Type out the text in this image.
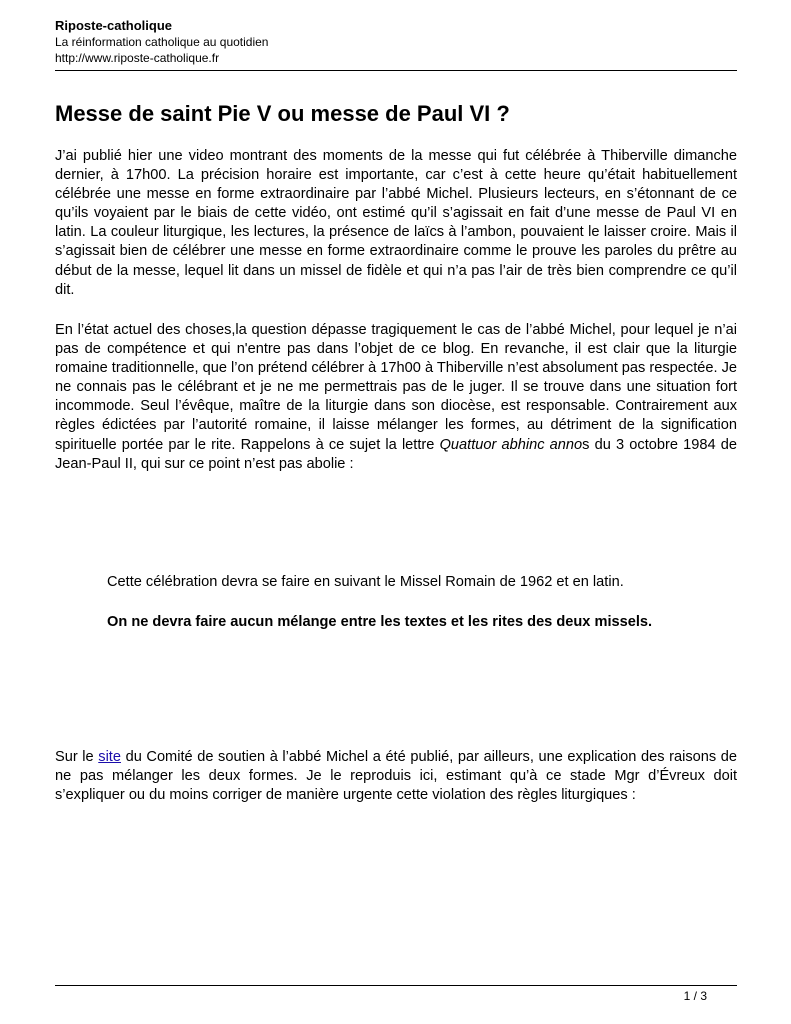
Riposte-catholique
La réinformation catholique au quotidien
http://www.riposte-catholique.fr
Messe de saint Pie V ou messe de Paul VI ?

J’ai publié hier une video montrant des moments de la messe qui fut célébrée à Thiberville dimanche dernier, à 17h00. La précision horaire est importante, car c’est à cette heure qu’était habituellement célébrée une messe en forme extraordinaire par l’abbé Michel. Plusieurs lecteurs, en s’étonnant de ce qu’ils voyaient par le biais de cette vidéo, ont estimé qu’il s’agissait en fait d’une messe de Paul VI en latin. La couleur liturgique, les lectures, la présence de laïcs à l’ambon, pouvaient le laisser croire. Mais il s’agissait bien de célébrer une messe en forme extraordinaire comme le prouve les paroles du prêtre au début de la messe, lequel lit dans un missel de fidèle et qui n’a pas l’air de très bien comprendre ce qu’il dit.

En l’état actuel des choses,la question dépasse tragiquement le cas de l’abbé Michel, pour lequel je n’ai pas de compétence et qui n'entre pas dans l’objet de ce blog. En revanche, il est clair que la liturgie romaine traditionnelle, que l’on prétend célébrer à 17h00 à Thiberville n’est absolument pas respectée. Je ne connais pas le célébrant et je ne me permettrais pas de le juger. Il se trouve dans une situation fort incommode. Seul l’évêque, maître de la liturgie dans son diocèse, est responsable. Contrairement aux règles édictées par l’autorité romaine, il laisse mélanger les formes, au détriment de la signification spirituelle portée par le rite. Rappelons à ce sujet la lettre Quattuor abhinc annos du 3 octobre 1984 de Jean-Paul II, qui sur ce point n’est pas abolie :

Cette célébration devra se faire en suivant le Missel Romain de 1962 et en latin.

On ne devra faire aucun mélange entre les textes et les rites des deux missels.

Sur le site du Comité de soutien à l’abbé Michel a été publié, par ailleurs, une explication des raisons de ne pas mélanger les deux formes. Je le reproduis ici, estimant qu’à ce stade Mgr d’Évreux doit s’expliquer ou du moins corriger de manière urgente cette violation des règles liturgiques :

1 / 3
